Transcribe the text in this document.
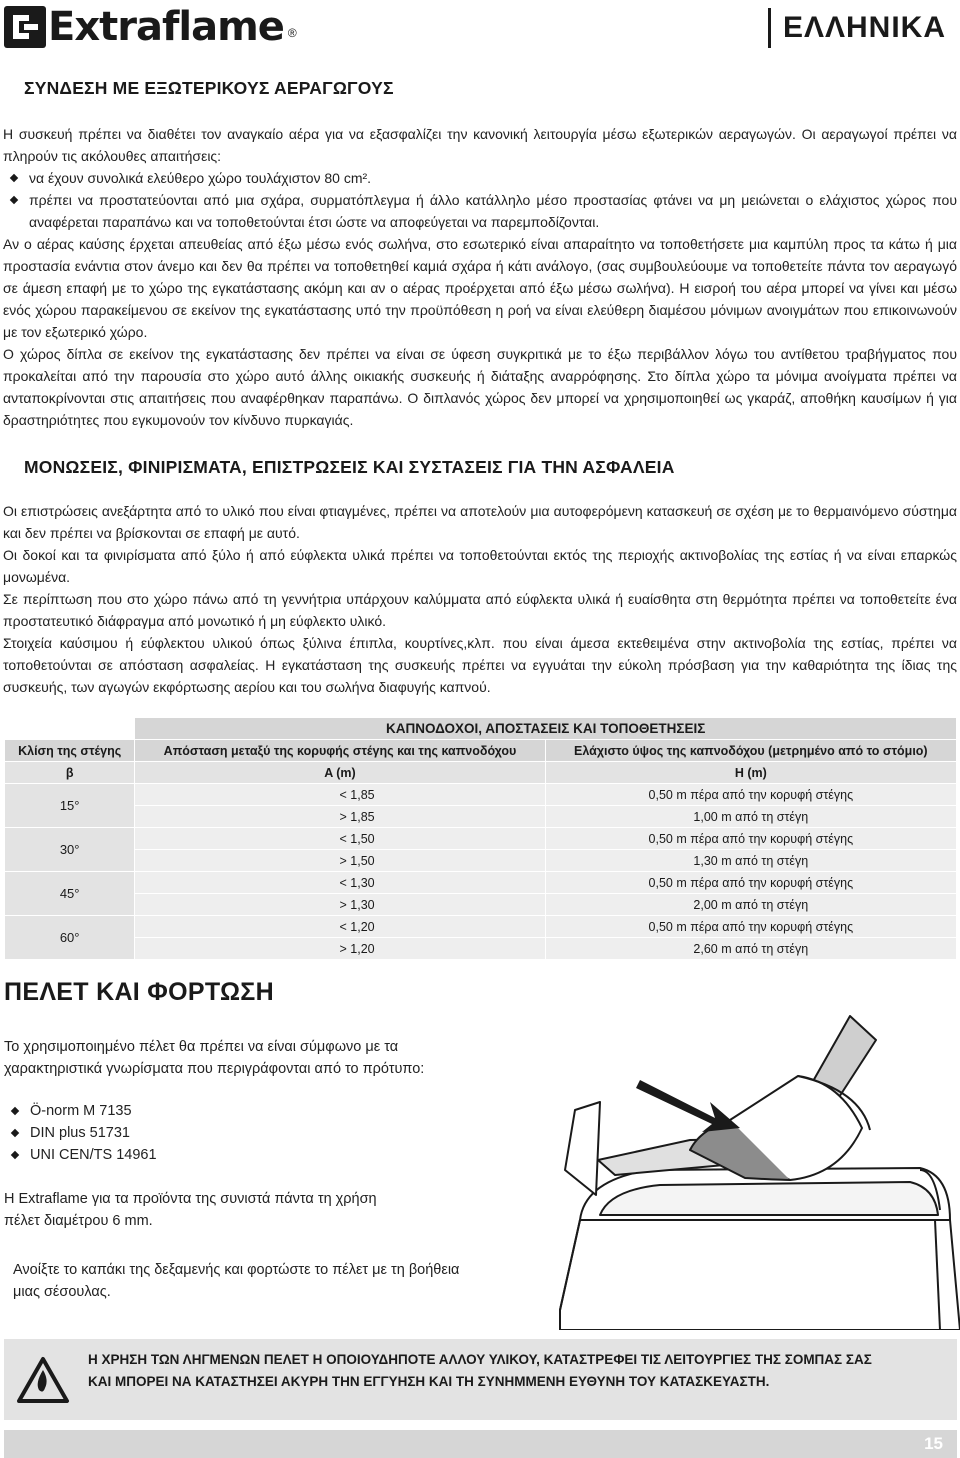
Extraflame ®	ΕΛΛΗΝΙΚΑ
ΣΥΝΔΕΣΗ ΜΕ ΕΞΩΤΕΡΙΚΟΥΣ ΑΕΡΑΓΩΓΟΥΣ
Η συσκευή πρέπει να διαθέτει τον αναγκαίο αέρα για να εξασφαλίζει την κανονική λειτουργία μέσω εξωτερικών αεραγωγών. Οι αεραγωγοί πρέπει να πληρούν τις ακόλουθες απαιτήσεις:
να έχουν συνολικά ελεύθερο χώρο τουλάχιστον 80 cm².
πρέπει να προστατεύονται από μια σχάρα, συρματόπλεγμα ή άλλο κατάλληλο μέσο προστασίας φτάνει να μη μειώνεται ο ελάχιστος χώρος που αναφέρεται παραπάνω και να τοποθετούνται έτσι ώστε να αποφεύγεται να παρεμποδίζονται.
Αν ο αέρας καύσης έρχεται απευθείας από έξω μέσω ενός σωλήνα, στο εσωτερικό είναι απαραίτητο να τοποθετήσετε μια καμπύλη προς τα κάτω ή μια προστασία ενάντια στον άνεμο και δεν θα πρέπει να τοποθετηθεί καμιά σχάρα ή κάτι ανάλογο, (σας συμβουλεύουμε να τοποθετείτε πάντα τον αεραγωγό σε άμεση επαφή με το χώρο της εγκατάστασης ακόμη και αν ο αέρας προέρχεται από έξω μέσω σωλήνα). Η εισροή του αέρα μπορεί να γίνει και μέσω ενός χώρου παρακείμενου σε εκείνον της εγκατάστασης υπό την προϋπόθεση η ροή να είναι ελεύθερη διαμέσου μόνιμων ανοιγμάτων που επικοινωνούν με τον εξωτερικό χώρο.
Ο χώρος δίπλα σε εκείνον της εγκατάστασης δεν πρέπει να είναι σε ύφεση συγκριτικά με το έξω περιβάλλον λόγω του αντίθετου τραβήγματος που προκαλείται από την παρουσία στο χώρο αυτό άλλης οικιακής συσκευής ή διάταξης αναρρόφησης. Στο δίπλα χώρο τα μόνιμα ανοίγματα πρέπει να ανταποκρίνονται στις απαιτήσεις που αναφέρθηκαν παραπάνω. Ο διπλανός χώρος δεν μπορεί να χρησιμοποιηθεί ως γκαράζ, αποθήκη καυσίμων ή για δραστηριότητες που εγκυμονούν τον κίνδυνο πυρκαγιάς.
ΜΟΝΩΣΕΙΣ, ΦΙΝΙΡΙΣΜΑΤΑ, ΕΠΙΣΤΡΩΣΕΙΣ ΚΑΙ ΣΥΣΤΑΣΕΙΣ ΓΙΑ ΤΗΝ ΑΣΦΑΛΕΙΑ
Οι επιστρώσεις ανεξάρτητα από το υλικό που είναι φτιαγμένες, πρέπει να αποτελούν μια αυτοφερόμενη κατασκευή σε σχέση με το θερμαινόμενο σύστημα και δεν πρέπει να βρίσκονται σε επαφή με αυτό.
Οι δοκοί και τα φινιρίσματα από ξύλο ή από εύφλεκτα υλικά πρέπει να τοποθετούνται εκτός της περιοχής ακτινοβολίας της εστίας ή να είναι επαρκώς μονωμένα.
Σε περίπτωση που στο χώρο πάνω από τη γεννήτρια υπάρχουν καλύμματα από εύφλεκτα υλικά ή ευαίσθητα στη θερμότητα πρέπει να τοποθετείτε ένα προστατευτικό διάφραγμα από μονωτικό ή μη εύφλεκτο υλικό.
Στοιχεία καύσιμου ή εύφλεκτου υλικού όπως ξύλινα έπιπλα, κουρτίνες,κλπ. που είναι άμεσα εκτεθειμένα στην ακτινοβολία της εστίας, πρέπει να τοποθετούνται σε απόσταση ασφαλείας. Η εγκατάσταση της συσκευής πρέπει να εγγυάται την εύκολη πρόσβαση για την καθαριότητα της ίδιας της συσκευής, των αγωγών εκφόρτωσης αερίου και του σωλήνα διαφυγής καπνού.
	ΚΑΠΝΟΔΟΧΟΙ, ΑΠΟΣΤΑΣΕΙΣ ΚΑΙ ΤΟΠΟΘΕΤΗΣΕΙΣ	
Κλίση της στέγης	Απόσταση μεταξύ της κορυφής στέγης και της καπνοδόχου	Ελάχιστο ύψος της καπνοδόχου (μετρημένο από το στόμιο)
β	A (m)	H (m)
15°	< 1,85	0,50 m πέρα από την κορυφή στέγης
	> 1,85	1,00 m από τη στέγη
30°	< 1,50	0,50 m πέρα από την κορυφή στέγης
	> 1,50	1,30 m από τη στέγη
45°	< 1,30	0,50 m πέρα από την κορυφή στέγης
	> 1,30	2,00 m από τη στέγη
60°	< 1,20	0,50 m πέρα από την κορυφή στέγης
	> 1,20	2,60 m από τη στέγη
ΠΕΛΕΤ ΚΑΙ ΦΟΡΤΩΣΗ

Το χρησιμοποιημένο πέλετ θα πρέπει να είναι σύμφωνο με τα χαρακτηριστικά γνωρίσματα που περιγράφονται από το πρότυπο:

Ö-norm M 7135
DIN plus 51731
UNI CEN/TS 14961

Η Extraflame για τα προϊόντα της συνιστά πάντα τη χρήση πέλετ διαμέτρου 6 mm.

Ανοίξτε το καπάκι της δεξαμενής και φορτώστε το πέλετ με τη βοήθεια μιας σέσουλας.

Η ΧΡΗΣΗ ΤΩΝ ΛΗΓΜΕΝΩΝ ΠΕΛΕΤ Η ΟΠΟΙΟΥΔΗΠΟΤΕ ΑΛΛΟΥ ΥΛΙΚΟΥ, ΚΑΤΑΣΤΡΕΦΕΙ ΤΙΣ ΛΕΙΤΟΥΡΓΙΕΣ ΤΗΣ ΣΟΜΠΑΣ ΣΑΣ ΚΑΙ ΜΠΟΡΕΙ ΝΑ ΚΑΤΑΣΤΗΣΕΙ ΑΚΥΡΗ ΤΗΝ ΕΓΓΥΗΣΗ ΚΑΙ ΤΗ ΣΥΝΗΜΜΕΝΗ ΕΥΘΥΝΗ ΤΟΥ ΚΑΤΑΣΚΕΥΑΣΤΗ.
15
